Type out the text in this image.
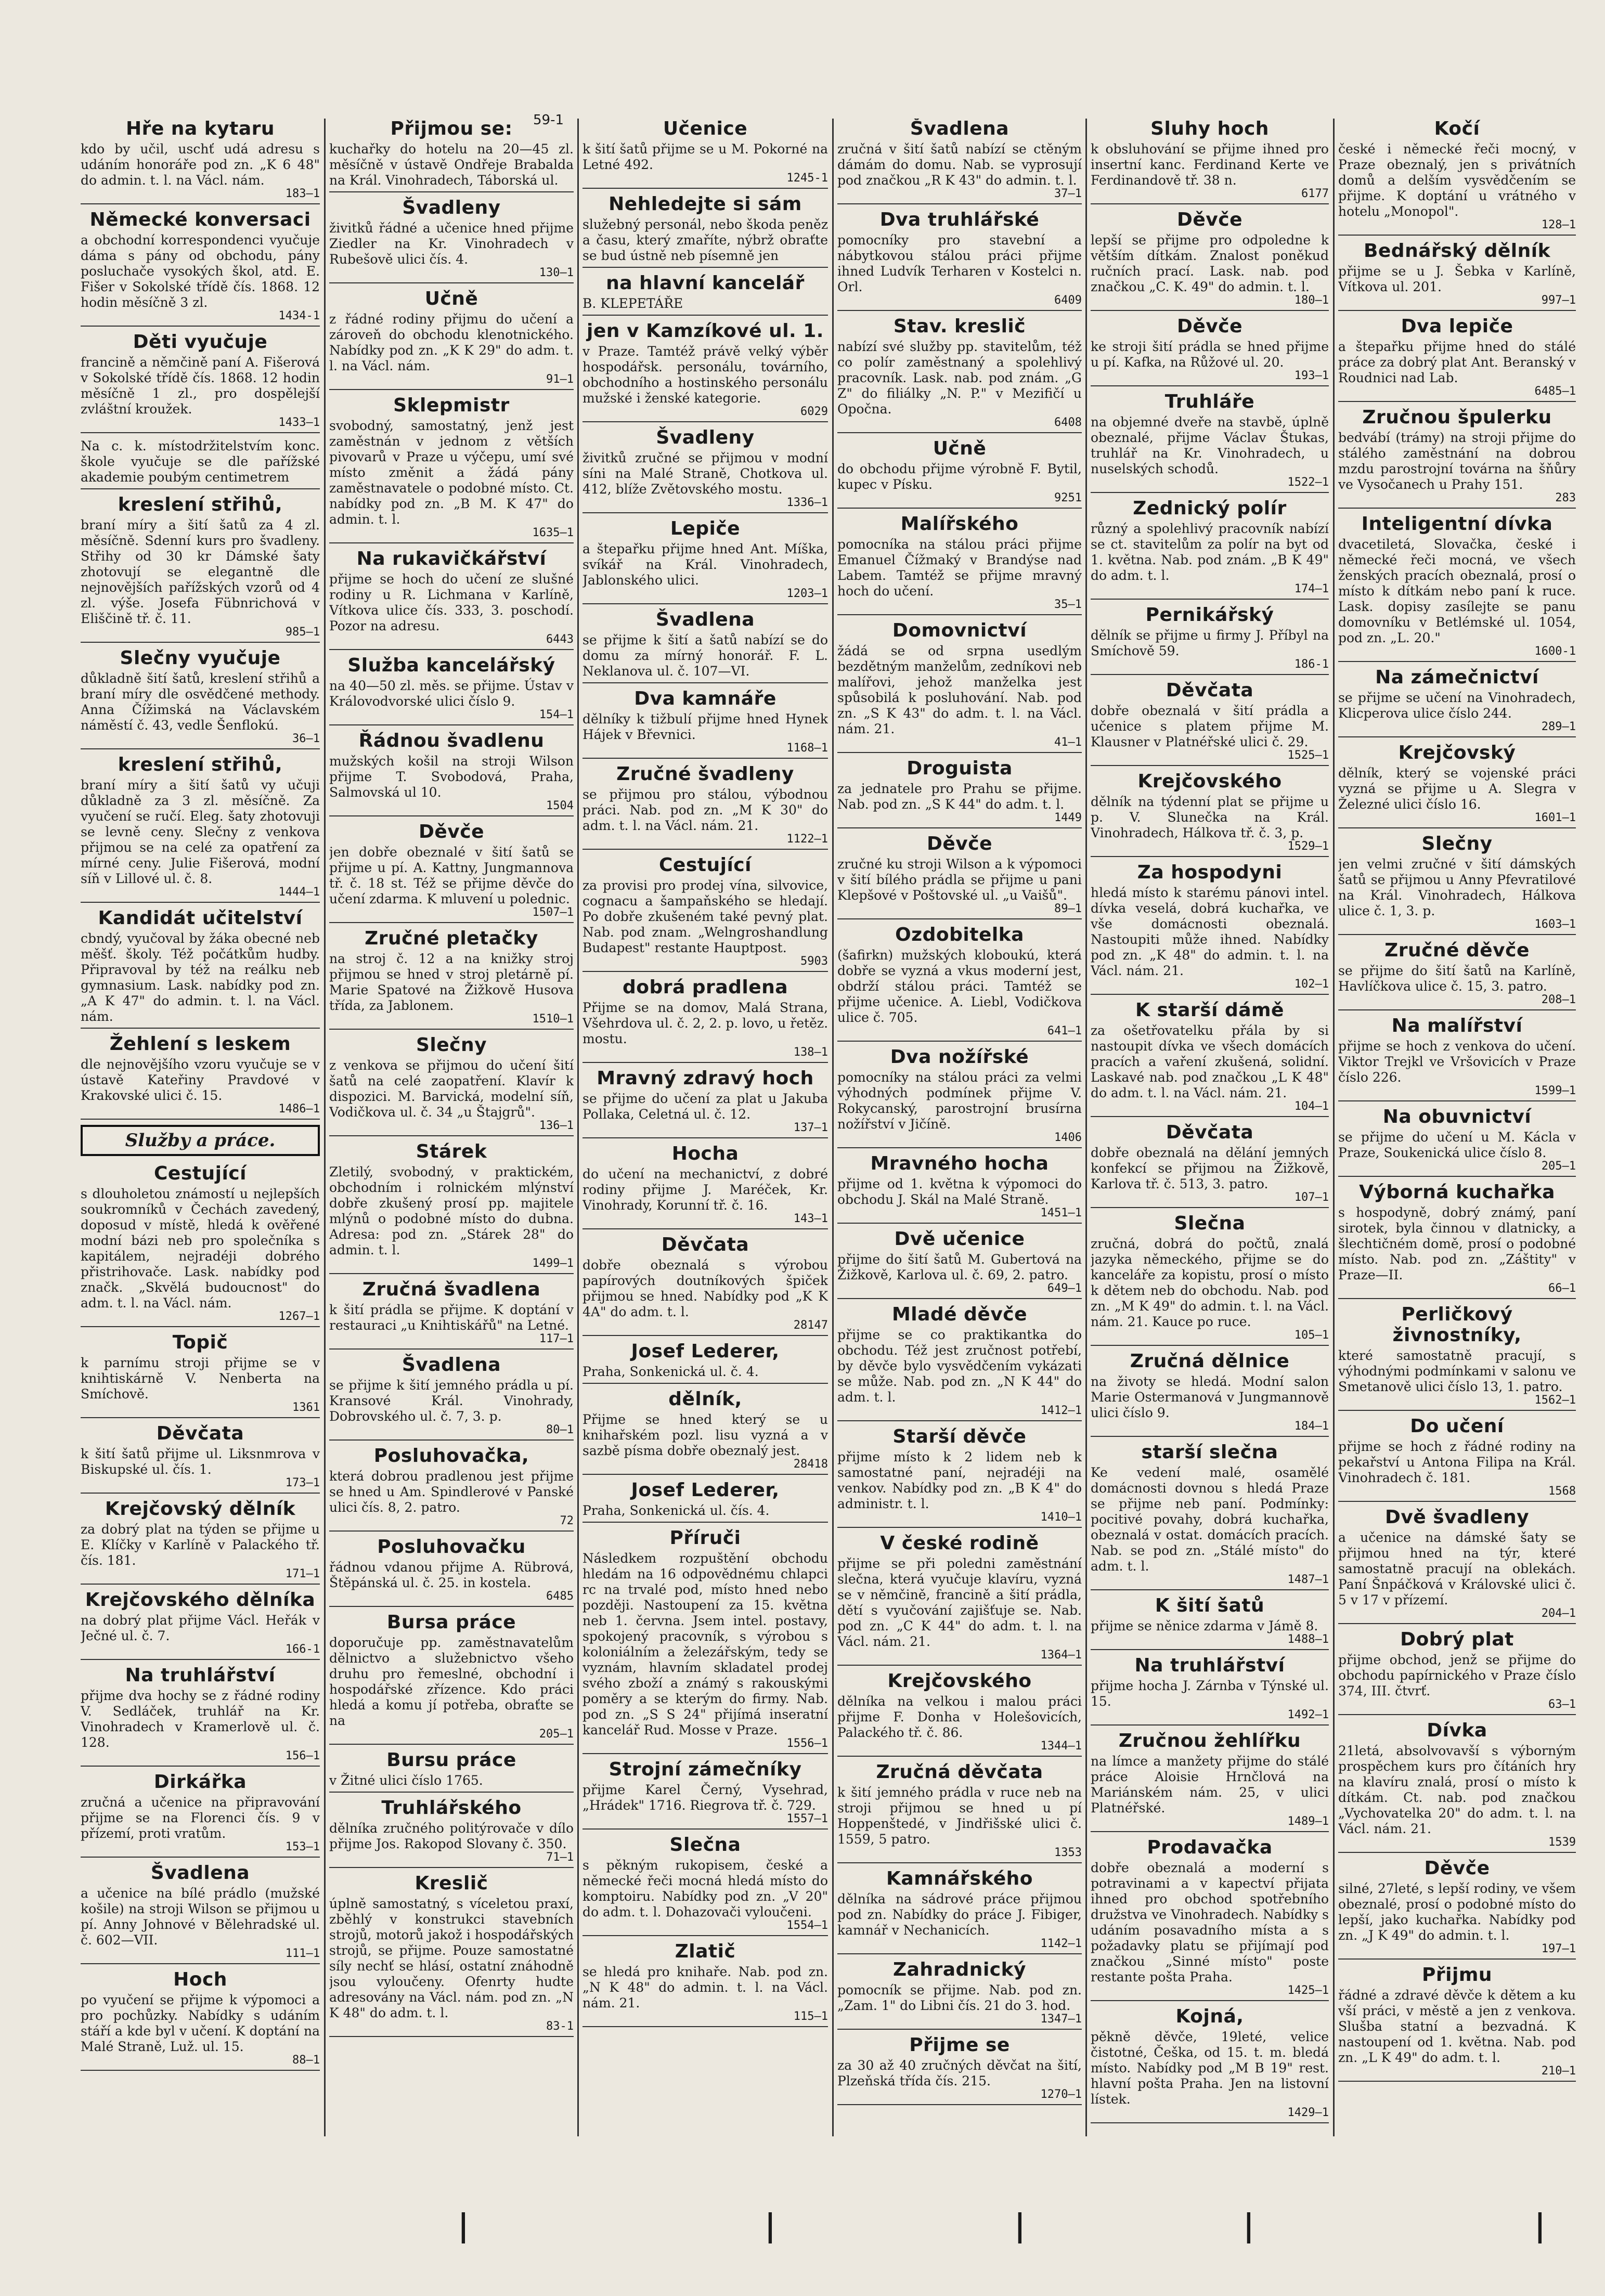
Hře na kytaru

kdo by učil, uschť udá adresu s udáním honoráře pod zn. „K 6 48" do admin. t. l. na Václ. nám.

183—1
Německé konversaci

a obchodní korrespondenci vyučuje dáma s pány od obchodu, pány posluchače vysokých škol, atd. E. Fišer v Sokolské třídě čís. 1868. 12 hodin měsíčně 3 zl.

1434-1
Děti vyučuje

francině a němčině paní A. Fišerová v Sokolské třídě čís. 1868. 12 hodin měsíčně 1 zl., pro dospělejší zvláštní kroužek.

1433—1

Na c. k. místodržitelstvím konc. škole vyučuje se dle pařížské akademie poubým centimetrem

kreslení střihů,

braní míry a šití šatů za 4 zl. měsíčně. Sdenní kurs pro švadleny. Střihy od 30 kr Dámské šaty zhotovují se elegantně dle nejnovějších pařížských vzorů od 4 zl. výše. Josefa Fübnrichová v Eliščině tř. č. 11.

985—1
Slečny vyučuje

důkladně šití šatů, kreslení střihů a braní míry dle osvědčené methody. Anna Čížimská na Václavském náměstí č. 43, vedle Šenflokú.

36—1
kreslení střihů,

braní míry a šití šatů vy učuji důkladně za 3 zl. měsíčně. Za vyučení se ručí. Eleg. šaty zhotovuji se levně ceny. Slečny z venkova přijmou se na celé za opatření za mírné ceny. Julie Fišerová, modní síň v Lillové ul. č. 8.

1444—1
Kandidát učitelství

cbndý, vyučoval by žáka obecné neb měšť. školy. Též počátkům hudby. Připravoval by též na reálku neb gymnasium. Lask. nabídky pod zn. „A K 47" do admin. t. l. na Václ. nám.

Žehlení s leskem

dle nejnovějšího vzoru vyučuje se v ústavě Kateřiny Pravdové v Krakovské ulici č. 15.

1486—1
Služby a práce.
Cestující

s dlouholetou známostí u nejlepších soukromníků v Čechách zavedený, doposud v místě, hledá k ověřené modní bázi neb pro společníka s kapitálem, nejradéji dobrého přistrihovače. Lask. nabídky pod značk. „Skvělá budoucnost" do adm. t. l. na Václ. nám.

1267—1
Topič

k parnímu stroji přijme se v knihtiskárně V. Nenberta na Smíchově.

1361
Děvčata

k šití šatů přijme ul. Liksnmrova v Biskupské ul. čís. 1.

173—1
Krejčovský dělník

za dobrý plat na týden se přijme u E. Klíčky v Karlíně v Palackého tř. čís. 181.

171—1
Krejčovského dělníka

na dobrý plat přijme Václ. Heřák v Ječné ul. č. 7.

166-1
Na truhlářství

přijme dva hochy se z řádné rodiny V. Sedláček, truhlář na Kr. Vinohradech v Kramerlově ul. č. 128.

156—1
Dirkářka

zručná a učenice na připravování přijme se na Florenci čís. 9 v přízemí, proti vratům.

153—1
Švadlena

a učenice na bílé prádlo (mužské košile) na stroji Wilson se přijmou u pí. Anny Johnové v Bělehradské ul. č. 602—VII.

111—1
Hoch

po vyučení se přijme k výpomoci a pro pochůzky. Nabídky s udáním stáří a kde byl v učení. K doptání na Malé Straně, Luž. ul. 15.

88—1
Přijmou se:

kuchařky do hotelu na 20—45 zl. měsíčně v ústavě Ondřeje Brabalda na Král. Vinohradech, Táborská ul.

Švadleny

živitků řádné a učenice hned přijme Ziedler na Kr. Vinohradech v Rubešově ulici čís. 4.

130—1
Učně

z řádné rodiny přijmu do učení a zároveň do obchodu klenotnického. Nabídky pod zn. „K K 29" do adm. t. l. na Václ. nám.

91—1
Sklepmistr

svobodný, samostatný, jenž jest zaměstnán v jednom z větších pivovarů v Praze u výčepu, umí své místo změnit a žádá pány zaměstnavatele o podobné místo. Ct. nabídky pod zn. „B M. K 47" do admin. t. l.

1635—1
Na rukavičkářství

přijme se hoch do učení ze slušné rodiny u R. Lichmana v Karlíně, Vítkova ulice čís. 333, 3. poschodí. Pozor na adresu.

6443
Služba kancelářský

na 40—50 zl. měs. se přijme. Ústav v Královodvorské ulici číslo 9.

154—1
Řádnou švadlenu

mužských košil na stroji Wilson přijme T. Svobodová, Praha, Salmovská ul 10.

1504
Děvče

jen dobře obeznalé v šití šatů se přijme u pí. A. Kattny, Jungmannova tř. č. 18 st. Též se přijme děvče do učení zdarma. K mluvení u polednic.

1507—1
Zručné pletačky

na stroj č. 12 a na knižky stroj přijmou se hned v stroj pletárně pí. Marie Spatové na Žižkově Husova třída, za Jablonem.

1510—1
Slečny

z venkova se přijmou do učení šití šatů na celé zaopatření. Klavír k dispozici. M. Barvická, modelní síň, Vodičkova ul. č. 34 „u Štajgrů".

136—1
Stárek

Zletilý, svobodný, v praktickém, obchodním i rolnickém mlýnství dobře zkušený prosí pp. majitele mlýnů o podobné místo do dubna. Adresa: pod zn. „Stárek 28" do admin. t. l.

1499—1
Zručná švadlena

k šití prádla se přijme. K doptání v restauraci „u Knihtiskářů" na Letné.

117—1
Švadlena

se přijme k šití jemného prádla u pí. Kransové Král. Vinohrady, Dobrovského ul. č. 7, 3. p.

80—1
Posluhovačka,

která dobrou pradlenou jest přijme se hned u Am. Spindlerové v Panské ulici čís. 8, 2. patro.

72
Posluhovačku

řádnou vdanou přijme A. Rübrová, Štěpánská ul. č. 25. in kostela.

6485
Bursa práce

doporučuje pp. zaměstnavatelům dělnictvo a služebnictvo všeho druhu pro řemeslné, obchodní i hospodářské zřízence. Kdo práci hledá a komu jí potřeba, obraťte se na

205—1
Bursu práce

v Žitné ulici číslo 1765.

Truhlářského

dělníka zručného politýrovače v dílo přijme Jos. Rakopod Slovany č. 350.

71—1
Kreslič

úplně samostatný, s víceletou praxí, zběhlý v konstrukci stavebních strojů, motorů jakož i hospodářských strojů, se přijme. Pouze samostatné síly nechť se hlásí, ostatní znáhodně jsou vyloučeny. Ofenrty hudte adresovány na Václ. nám. pod zn. „N K 48" do adm. t. l.

83-1
Učenice

k šití šatů přijme se u M. Pokorné na Letné 492.

1245-1
Nehledejte si sám

služebný personál, nebo škoda peněz a času, který zmaříte, nýbrž obraťte se bud ústně neb písemně jen

na hlavní kancelář

B. KLEPETÁŘE

jen v Kamzíkové ul. 1.

v Praze. Tamtéž právě velký výběr hospodářsk. personálu, továrního, obchodního a hostinského personálu mužské i ženské kategorie.

6029
Švadleny

živitků zručné se přijmou v modní síni na Malé Straně, Chotkova ul. 412, blíže Zvětovského mostu.

1336—1
Lepiče

a štepařku přijme hned Ant. Míška, svíkář na Král. Vinohradech, Jablonského ulici.

1203—1
Švadlena

se přijme k šití a šatů nabízí se do domu za mírný honorář. F. L. Neklanova ul. č. 107—VI.

Dva kamnáře

dělníky k tižbulí přijme hned Hynek Hájek v Břevnici.

1168—1
Zručné švadleny

se přijmou pro stálou, výbodnou práci. Nab. pod zn. „M K 30" do adm. t. l. na Václ. nám. 21.

1122—1
Cestující

za provisi pro prodej vína, silvovice, cognacu a šampaňského se hledají. Po dobře zkušeném také pevný plat. Nab. pod znam. „Welngroshandlung Budapest" restante Hauptpost.

5903
dobrá pradlena

Přijme se na domov, Malá Strana, Všehrdova ul. č. 2, 2. p. lovo, u řetěz. mostu.

138—1
Mravný zdravý hoch

se přijme do učení za plat u Jakuba Pollaka, Celetná ul. č. 12.

137—1
Hocha

do učení na mechanictví, z dobré rodiny přijme J. Maréček, Kr. Vinohrady, Korunní tř. č. 16.

143—1
Děvčata

dobře obeznalá s výrobou papírových doutníkových špiček přijmou se hned. Nabídky pod „K K 4A" do adm. t. l.

28147
Josef Lederer,

Praha, Sonkenická ul. č. 4.

dělník,

Přijme se hned který se u knihařském pozl. lisu vyzná a v sazbě písma dobře obeznalý jest.

28418
Josef Lederer,

Praha, Sonkenická ul. čís. 4.

Příruči

Následkem rozpuštění obchodu hledám na 16 odpovědnému chlapci rc na trvalé pod, místo hned nebo později. Nastoupení za 15. května neb 1. června. Jsem intel. postavy, spokojený pracovník, s výrobou s koloniálním a železářským, tedy se vyznám, hlavním skladatel prodej svého zboží a známý s rakouskými poměry a se kterým do firmy. Nab. pod zn. „S S 24" přijímá inseratní kancelář Rud. Mosse v Praze.

1556—1
Strojní zámečníky

přijme Karel Černý, Vysehrad, „Hrádek" 1716. Riegrova tř. č. 729.

1557—1
Slečna

s pěkným rukopisem, české a německé řeči mocná hledá místo do komptoiru. Nabídky pod zn. „V 20" do adm. t. l. Dohazovači vyloučeni.

1554—1
Zlatič

se hledá pro knihaře. Nab. pod zn. „N K 48" do admin. t. l. na Václ. nám. 21.

115—1
Švadlena

zručná v šití šatů nabízí se ctěným dámám do domu. Nab. se vyprosují pod značkou „R K 43" do admin. t. l.

37—1
Dva truhlářské

pomocníky pro stavební a nábytkovou stálou práci přijme ihned Ludvík Terharen v Kostelci n. Orl.

6409
Stav. kreslič

nabízí své služby pp. stavitelům, též co polír zaměstnaný a spolehlivý pracovník. Lask. nab. pod znám. „G Z" do filiálky „N. P." v Mezifičí u Opočna.

6408
Učně

do obchodu přijme výrobně F. Bytil, kupec v Písku.

9251
Malířského

pomocníka na stálou práci přijme Emanuel Čížmaký v Brandýse nad Labem. Tamtéž se přijme mravný hoch do učení.

35—1
Domovnictví

žádá se od srpna usedlým bezdětným manželům, zedníkovi neb malířovi, jehož manželka jest spůsobilá k posluhování. Nab. pod zn. „S K 43" do adm. t. l. na Václ. nám. 21.

41—1
Droguista

za jednatele pro Prahu se přijme. Nab. pod zn. „S K 44" do adm. t. l.

1449
Děvče

zručné ku stroji Wilson a k výpomoci v šití bílého prádla se přijme u pani Klepšové v Poštovské ul. „u Vaišů".

89—1
Ozdobitelka

(šafirkn) mužských kloboukú, která dobře se vyzná a vkus moderní jest, obdrží stálou práci. Tamtéž se přijme učenice. A. Liebl, Vodičkova ulice č. 705.

641—1
Dva nožířské

pomocníky na stálou práci za velmi výhodných podmínek přijme V. Rokycanský, parostrojní brusírna nožířství v Jičíně.

1406
Mravného hocha

přijme od 1. května k výpomoci do obchodu J. Skál na Malé Straně.

1451—1
Dvě učenice

přijme do šití šatů M. Gubertová na Žižkově, Karlova ul. č. 69, 2. patro.

649—1
Mladé děvče

přijme se co praktikantka do obchodu. Též jest zručnost potřebí, by děvče bylo vysvědčením vykázati se může. Nab. pod zn. „N K 44" do adm. t. l.

1412—1
Starší děvče

přijme místo k 2 lidem neb k samostatné paní, nejradéji na venkov. Nabídky pod zn. „B K 4" do administr. t. l.

1410—1
V české rodině

přijme se při poledni zaměstnání slečna, která vyučuje klavíru, vyzná se v němčině, francině a šití prádla, dětí s vyučování zajišťuje se. Nab. pod zn. „C K 44" do adm. t. l. na Václ. nám. 21.

1364—1
Krejčovského

dělníka na velkou i malou práci přijme F. Donha v Holešovicích, Palackého tř. č. 86.

1344—1
Zručná děvčata

k šití jemného prádla v ruce neb na stroji přijmou se hned u pí Hoppenštedé, v Jindřišské ulici č. 1559, 5 patro.

1353
Kamnářského

dělníka na sádrové práce přijmou pod zn. Nabídky do práce J. Fibiger, kamnář v Nechanicích.

1142—1
Zahradnický

pomocník se přijme. Nab. pod zn. „Zam. 1" do Libni čís. 21 do 3. hod.

1347—1
Přijme se

za 30 až 40 zručných děvčat na šití, Plzeňská třída čís. 215.

1270—1
Sluhy hoch

k obsluhování se přijme ihned pro insertní kanc. Ferdinand Kerte ve Ferdinandově tř. 38 n.

6177
Děvče

lepší se přijme pro odpoledne k větším dítkám. Znalost poněkud ručních prací. Lask. nab. pod značkou „C. K. 49" do admin. t. l.

180—1
Děvče

ke stroji šití prádla se hned přijme u pí. Kafka, na Růžové ul. 20.

193—1
Truhláře

na objemné dveře na stavbě, úplně obeznalé, přijme Václav Štukas, truhlář na Kr. Vinohradech, u nuselských schodů.

1522—1
Zednický polír

různý a spolehlivý pracovník nabízí se ct. stavitelům za polír na byt od 1. května. Nab. pod znám. „B K 49" do adm. t. l.

174—1
Pernikářský

dělník se přijme u firmy J. Příbyl na Smíchově 59.

186-1
Děvčata

dobře obeznalá v šití prádla a učenice s platem přijme M. Klausner v Platnéřské ulici č. 29.

1525—1
Krejčovského

dělník na týdenní plat se přijme u p. V. Slunečka na Král. Vinohradech, Hálkova tř. č. 3, p.

1529—1
Za hospodyni

hledá místo k starému pánovi intel. dívka veselá, dobrá kuchařka, ve vše domácnosti obeznalá. Nastoupiti může ihned. Nabídky pod zn. „K 48" do admin. t. l. na Václ. nám. 21.

102—1
K starší dámě

za ošetřovatelku přála by si nastoupit dívka ve všech domácích pracích a vaření zkušená, solidní. Laskavé nab. pod značkou „L K 48" do adm. t. l. na Václ. nám. 21.

104—1
Děvčata

dobře obeznalá na dělání jemných konfekcí se přijmou na Žižkově, Karlova tř. č. 513, 3. patro.

107—1
Slečna

zručná, dobrá do počtů, znalá jazyka německého, přijme se do kanceláře za kopistu, prosí o místo k dětem neb do obchodu. Nab. pod zn. „M K 49" do admin. t. l. na Václ. nám. 21. Kauce po ruce.

105—1
Zručná dělnice

na životy se hledá. Modní salon Marie Ostermanová v Jungmannově ulici číslo 9.

184—1
starší slečna

Ke vedení malé, osamělé domácnosti dovnou s hledá Praze se přijme neb paní. Podmínky: pocitivé povahy, dobrá kuchařka, obeznalá v ostat. domácích pracích. Nab. se pod zn. „Stálé místo" do adm. t. l.

1487—1
K šití šatů

přijme se něnice zdarma v Jámě 8.

1488—1
Na truhlářství

přijme hocha J. Zárnba v Týnské ul. 15.

1492—1
Zručnou žehlířku

na límce a manžety přijme do stálé práce Aloisie Hrnčlová na Mariánském nám. 25, v ulici Platnéřské.

1489—1
Prodavačka

dobře obeznalá a moderní s potravinami a v kapectví přijata ihned pro obchod spotřebního družstva ve Vinohradech. Nabídky s udáním posavadního místa a s požadavky platu se přijímají pod značkou „Sinné místo" poste restante pošta Praha.

1425—1
Kojná,

pěkně děvče, 19leté, velice čistotné, Češka, od 15. t. m. bledá místo. Nabídky pod „M B 19" rest. hlavní pošta Praha. Jen na listovní lístek.

1429—1
Kočí

české i německé řeči mocný, v Praze obeznalý, jen s privátních domů a delším vysvědčením se přijme. K doptání u vrátného v hotelu „Monopol".

128—1
Bednářský dělník

přijme se u J. Šebka v Karlíně, Vítkova ul. 201.

997—1
Dva lepiče

a štepařku přijme hned do stálé práce za dobrý plat Ant. Beranský v Roudnici nad Lab.

6485—1
Zručnou špulerku

bedvábí (trámy) na stroji přijme do stálého zaměstnání na dobrou mzdu parostrojní továrna na šňůry ve Vysočanech u Prahy 151.

283
Inteligentní dívka

dvacetiletá, Slovačka, české i německé řeči mocná, ve všech ženských pracích obeznalá, prosí o místo k dítkám nebo paní k ruce. Lask. dopisy zasílejte se panu domovníku v Betlémské ul. 1054, pod zn. „L. 20."

1600-1
Na zámečnictví

se přijme se učení na Vinohradech, Klicperova ulice číslo 244.

289—1
Krejčovský

dělník, který se vojenské práci vyzná se přijme u A. Slegra v Železné ulici číslo 16.

1601—1
Slečny

jen velmi zručné v šití dámských šatů se přijmou u Anny Pfevratilové na Král. Vinohradech, Hálkova ulice č. 1, 3. p.

1603—1
Zručné děvče

se přijme do šití šatů na Karlíně, Havlíčkova ulice č. 15, 3. patro.

208—1
Na malířství

přijme se hoch z venkova do učení. Viktor Trejkl ve Vršovicích v Praze číslo 226.

1599—1
Na obuvnictví

se přijme do učení u M. Kácla v Praze, Soukenická ulice číslo 8.

205—1
Výborná kuchařka

s hospodyně, dobrý známý, paní sirotek, byla činnou v dlatnicky, a šlechtičném domě, prosí o podobné místo. Nab. pod zn. „Záštity" v Praze—II.

66—1
Perličkový živnostníky,

které samostatně pracují, s výhodnými podmínkami v salonu ve Smetanově ulici číslo 13, 1. patro.

1562—1
Do učení

přijme se hoch z řádné rodiny na pekařství u Antona Filipa na Král. Vinohradech č. 181.

1568
Dvě švadleny

a učenice na dámské šaty se přijmou hned na týr, které samostatně pracují na oblekách. Paní Šnpáčková v Královské ulici č. 5 v 17 v přízemí.

204—1
Dobrý plat

přijme obchod, jenž se přijme do obchodu papírnického v Praze číslo 374, III. čtvrť.

63—1
Dívka

21letá, absolvovavší s výborným prospěchem kurs pro čítáních hry na klavíru znalá, prosí o místo k dítkám. Ct. nab. pod značkou „Vychovatelka 20" do adm. t. l. na Václ. nám. 21.

1539
Děvče

silné, 27leté, s lepší rodiny, ve všem obeznalé, prosí o podobné místo do lepší, jako kuchařka. Nabídky pod zn. „J K 49" do admin. t. l.

197—1
Přijmu

řádné a zdravé děvče k dětem a ku vší práci, v městě a jen z venkova. Slušba statní a bezvadná. K nastoupení od 1. května. Nab. pod zn. „L K 49" do adm. t. l.

210—1
59-1
|	|	|	|	|
